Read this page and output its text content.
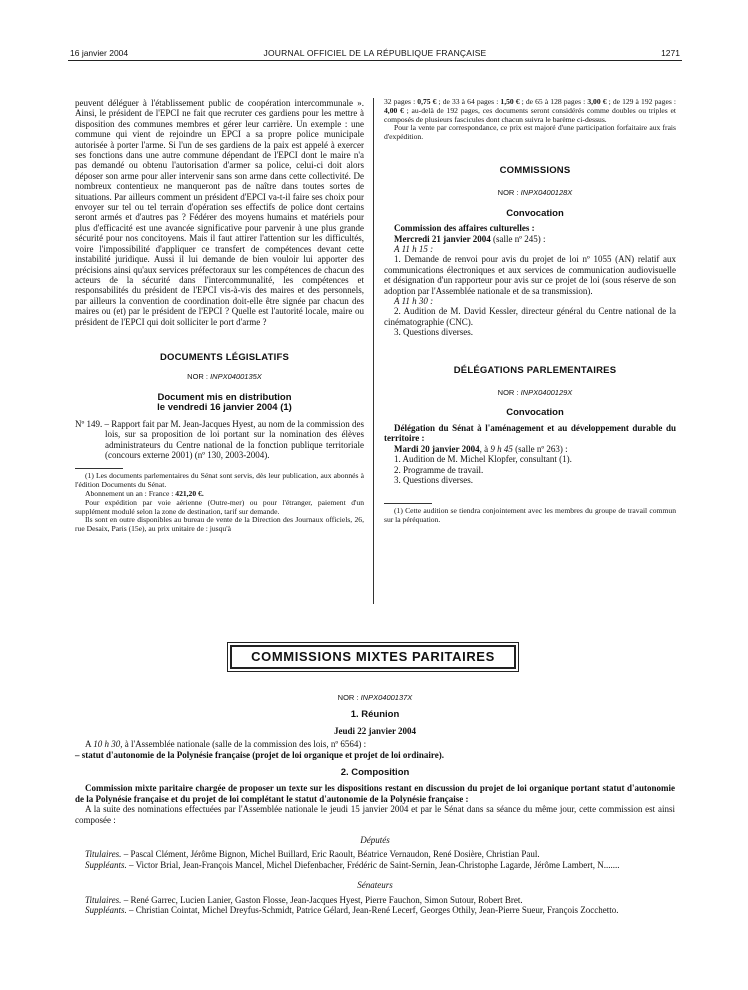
16 janvier 2004	JOURNAL OFFICIEL DE LA RÉPUBLIQUE FRANÇAISE	1271

peuvent déléguer à l'établissement public de coopération intercommunale ». Ainsi, le président de l'EPCI ne fait que recruter ces gardiens pour les mettre à disposition des communes membres et gérer leur carrière. Un exemple : une commune qui vient de rejoindre un EPCI a sa propre police municipale autorisée à porter l'arme. Si l'un de ses gardiens de la paix est appelé à exercer ses fonctions dans une autre commune dépendant de l'EPCI dont le maire n'a pas demandé ou obtenu l'autorisation d'armer sa police, celui-ci doit alors déposer son arme pour aller intervenir sans son arme dans cette collectivité. De nombreux contentieux ne manqueront pas de naître dans toutes sortes de situations. Par ailleurs comment un président d'EPCI va-t-il faire ses choix pour envoyer sur tel ou tel terrain d'opération ses effectifs de police dont certains seront armés et d'autres pas ? Fédérer des moyens humains et matériels pour plus d'efficacité est une avancée significative pour parvenir à une plus grande sécurité pour nos concitoyens. Mais il faut attirer l'attention sur les difficultés, voire l'impossibilité d'appliquer ce transfert de compétences devant cette instabilité juridique. Aussi il lui demande de bien vouloir lui apporter des précisions ainsi qu'aux services préfectoraux sur les compétences de chacun des acteurs de la sécurité dans l'intercommunalité, les compétences et responsabilités du président de l'EPCI vis-à-vis des maires et des personnels, par ailleurs la convention de coordination doit-elle être signée par chacun des maires ou (et) par le président de l'EPCI ? Quelle est l'autorité locale, maire ou président de l'EPCI qui doit solliciter le port d'arme ?

DOCUMENTS LÉGISLATIFS

NOR : INPX0400135X

Document mis en distribution

le vendredi 16 janvier 2004 (1)

Nº 149. – Rapport fait par M. Jean-Jacques Hyest, au nom de la commission des lois, sur sa proposition de loi portant sur la nomination des élèves administrateurs du Centre national de la fonction publique territoriale (concours externe 2001) (nº 130, 2003-2004).

(1) Les documents parlementaires du Sénat sont servis, dès leur publication, aux abonnés à l'édition Documents du Sénat.

Abonnement un an : France : 421,20 €.

Pour expédition par voie aérienne (Outre-mer) ou pour l'étranger, paiement d'un supplément modulé selon la zone de destination, tarif sur demande.

Ils sont en outre disponibles au bureau de vente de la Direction des Journaux officiels, 26, rue Desaix, Paris (15e), au prix unitaire de : jusqu'à

32 pages : 0,75 € ; de 33 à 64 pages : 1,50 € ; de 65 à 128 pages : 3,00 € ; de 129 à 192 pages : 4,00 € ; au-delà de 192 pages, ces documents seront considérés comme doubles ou triples et composés de plusieurs fascicules dont chacun suivra le barème ci-dessus.

Pour la vente par correspondance, ce prix est majoré d'une participation forfaitaire aux frais d'expédition.

COMMISSIONS

NOR : INPX0400128X

Convocation

Commission des affaires culturelles :

Mercredi 21 janvier 2004 (salle nº 245) :

A 11 h 15 :

1. Demande de renvoi pour avis du projet de loi nº 1055 (AN) relatif aux communications électroniques et aux services de communication audiovisuelle et désignation d'un rapporteur pour avis sur ce projet de loi (sous réserve de son adoption par l'Assemblée nationale et de sa transmission).

A 11 h 30 :

2. Audition de M. David Kessler, directeur général du Centre national de la cinématographie (CNC).

3. Questions diverses.

DÉLÉGATIONS PARLEMENTAIRES

NOR : INPX0400129X

Convocation

Délégation du Sénat à l'aménagement et au développement durable du territoire :

Mardi 20 janvier 2004, à 9 h 45 (salle nº 263) :

1. Audition de M. Michel Klopfer, consultant (1).

2. Programme de travail.

3. Questions diverses.

(1) Cette audition se tiendra conjointement avec les membres du groupe de travail commun sur la péréquation.

COMMISSIONS MIXTES PARITAIRES

NOR : INPX0400137X

1. Réunion

Jeudi 22 janvier 2004

A 10 h 30, à l'Assemblée nationale (salle de la commission des lois, nº 6564) :

– statut d'autonomie de la Polynésie française (projet de loi organique et projet de loi ordinaire).

2. Composition

Commission mixte paritaire chargée de proposer un texte sur les dispositions restant en discussion du projet de loi organique portant statut d'autonomie de la Polynésie française et du projet de loi complétant le statut d'autonomie de la Polynésie française :

A la suite des nominations effectuées par l'Assemblée nationale le jeudi 15 janvier 2004 et par le Sénat dans sa séance du même jour, cette commission est ainsi composée :

Députés

Titulaires. – Pascal Clément, Jérôme Bignon, Michel Buillard, Eric Raoult, Béatrice Vernaudon, René Dosière, Christian Paul.

Suppléants. – Victor Brial, Jean-François Mancel, Michel Diefenbacher, Frédéric de Saint-Sernin, Jean-Christophe Lagarde, Jérôme Lambert, N.......

Sénateurs

Titulaires. – René Garrec, Lucien Lanier, Gaston Flosse, Jean-Jacques Hyest, Pierre Fauchon, Simon Sutour, Robert Bret.

Suppléants. – Christian Cointat, Michel Dreyfus-Schmidt, Patrice Gélard, Jean-René Lecerf, Georges Othily, Jean-Pierre Sueur, François Zocchetto.
